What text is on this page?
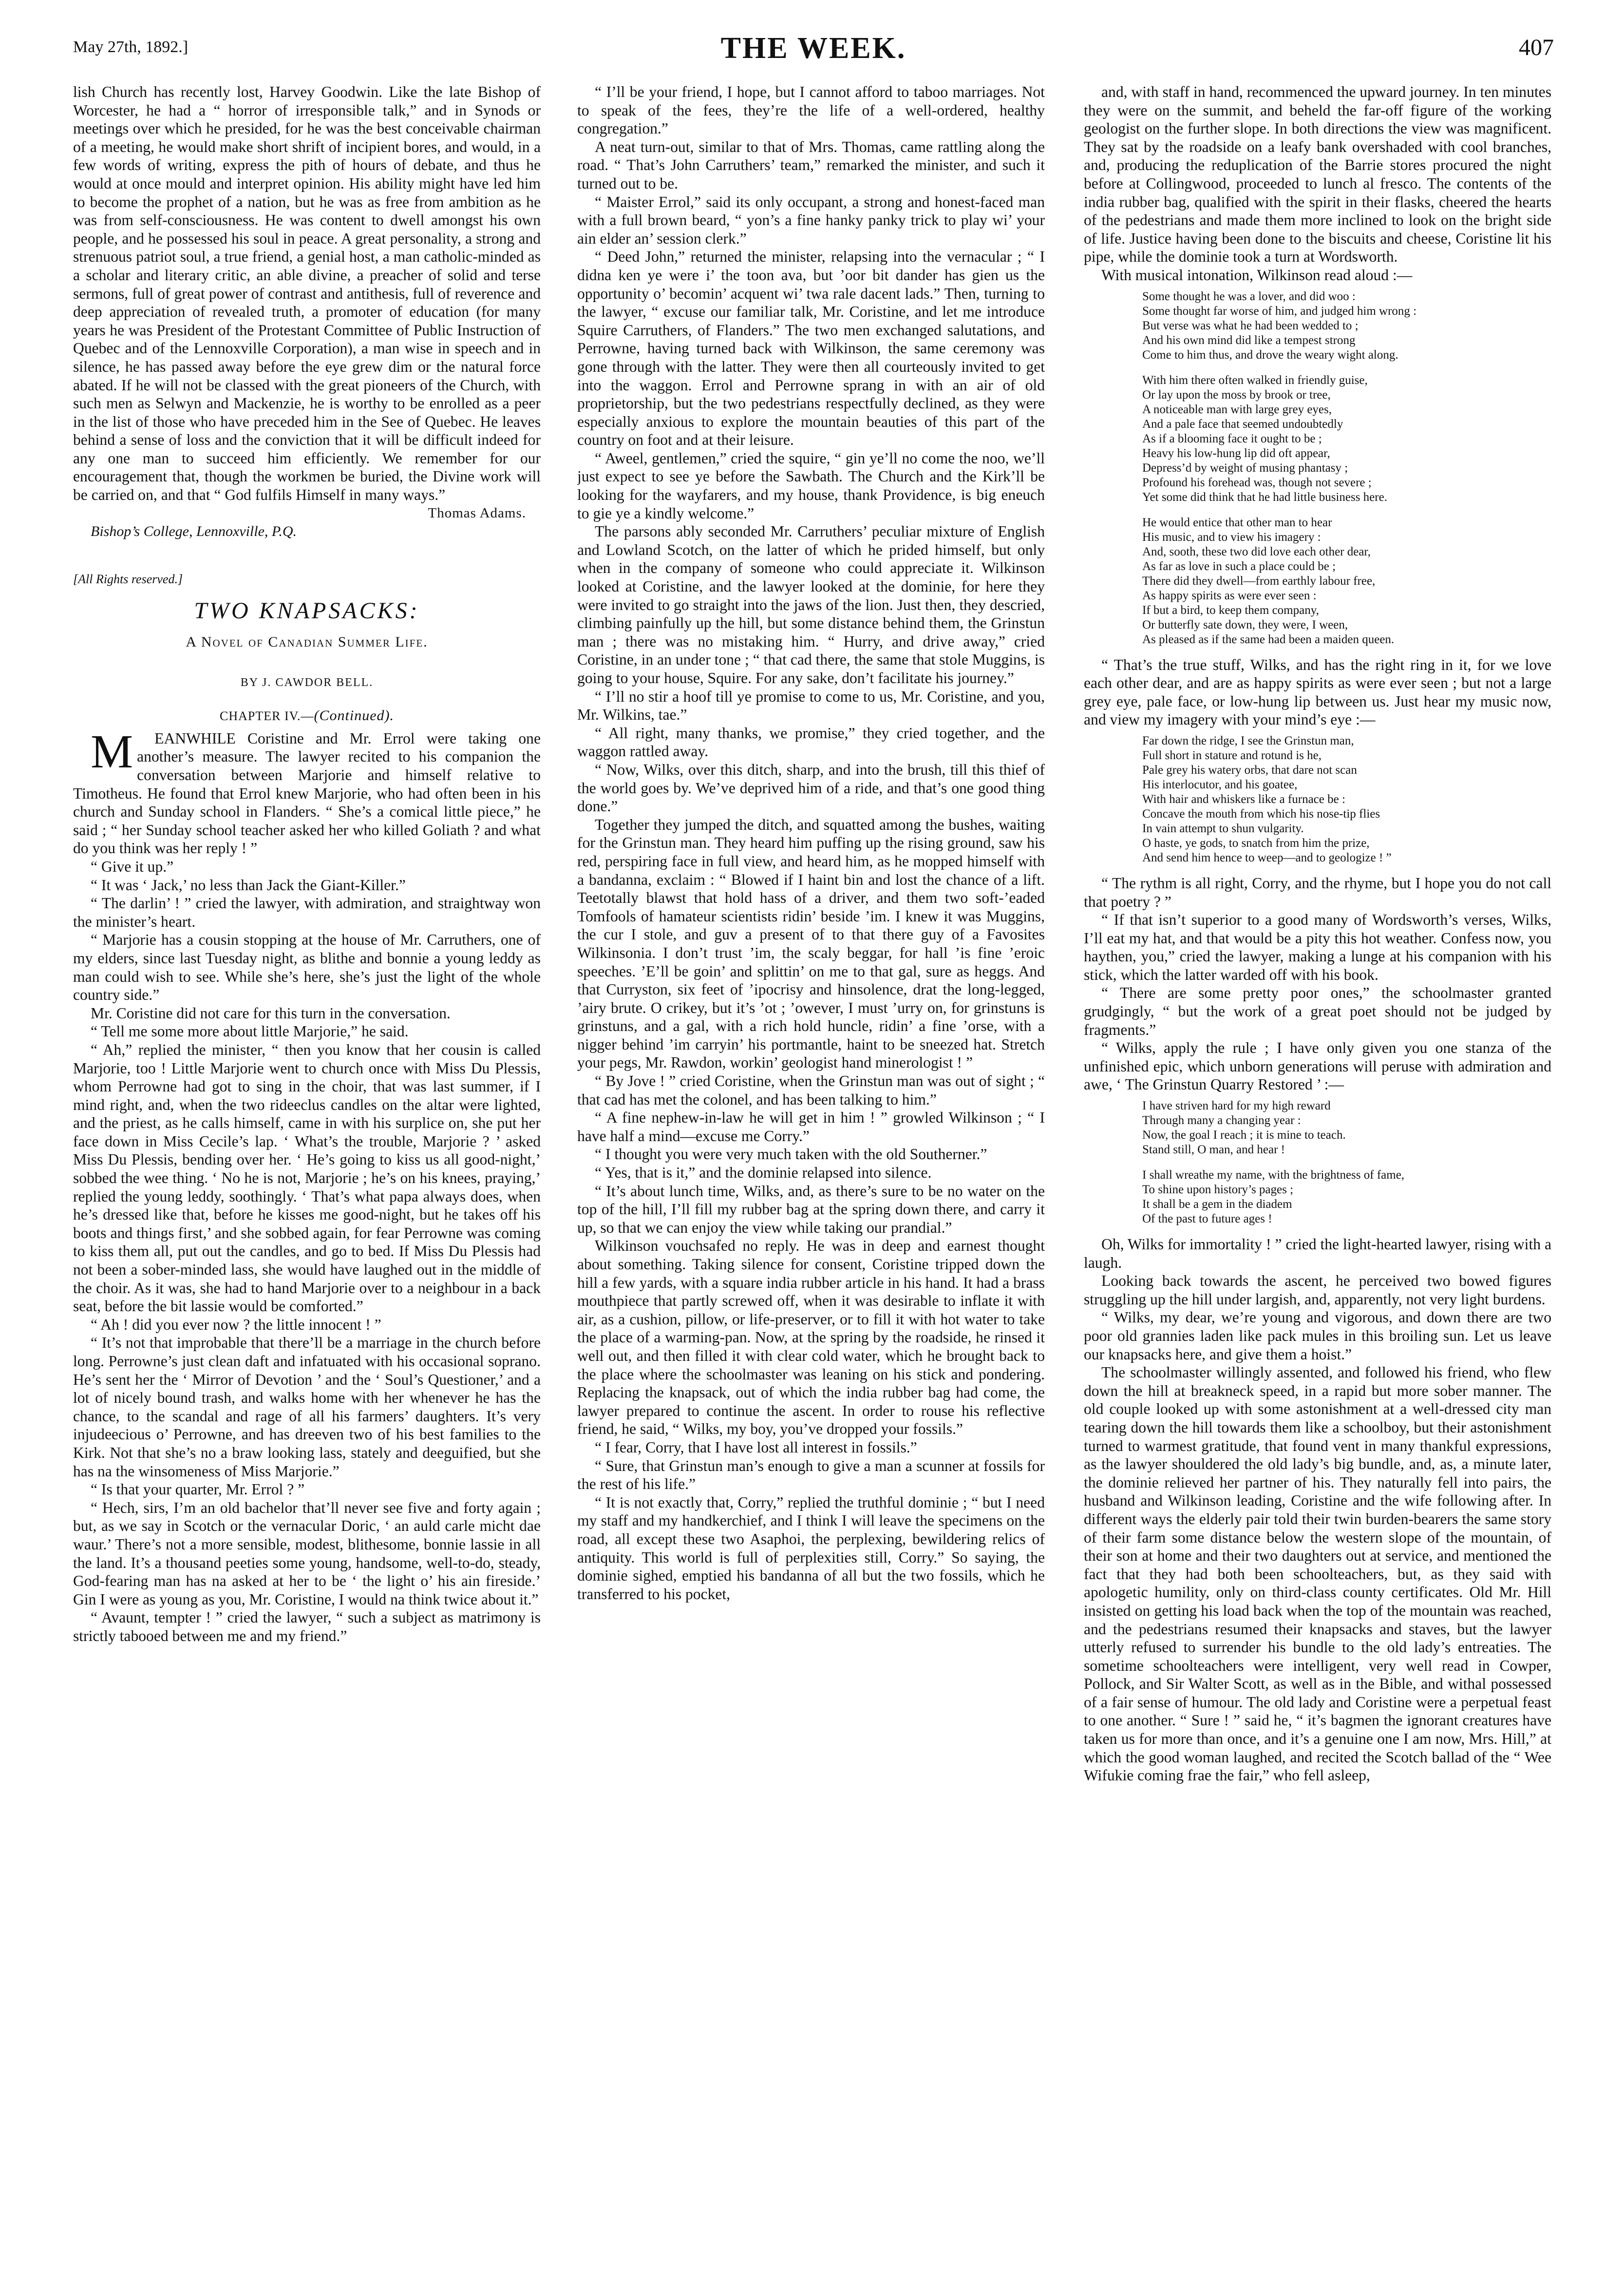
May 27th, 1892.]	THE WEEK.	407

lish Church has recently lost, Harvey Goodwin. Like the late Bishop of Worcester, he had a “ horror of irresponsible talk,” and in Synods or meetings over which he presided, for he was the best conceivable chairman of a meeting, he would make short shrift of incipient bores, and would, in a few words of writing, express the pith of hours of debate, and thus he would at once mould and interpret opinion. His ability might have led him to become the prophet of a nation, but he was as free from ambition as he was from self-consciousness. He was content to dwell amongst his own people, and he possessed his soul in peace. A great personality, a strong and strenuous patriot soul, a true friend, a genial host, a man catholic-minded as a scholar and literary critic, an able divine, a preacher of solid and terse sermons, full of great power of contrast and antithesis, full of reverence and deep appreciation of revealed truth, a promoter of education (for many years he was President of the Protestant Committee of Public Instruction of Quebec and of the Lennoxville Corporation), a man wise in speech and in silence, he has passed away before the eye grew dim or the natural force abated. If he will not be classed with the great pioneers of the Church, with such men as Selwyn and Mackenzie, he is worthy to be enrolled as a peer in the list of those who have preceded him in the See of Quebec. He leaves behind a sense of loss and the conviction that it will be difficult indeed for any one man to succeed him efficiently. We remember for our encouragement that, though the workmen be buried, the Divine work will be carried on, and that “ God fulfils Himself in many ways.”

Thomas Adams.

Bishop’s College, Lennoxville, P.Q.

[All Rights reserved.]
TWO KNAPSACKS:
A Novel of Canadian Summer Life.
BY J. CAWDOR BELL.
CHAPTER IV.—(Continued).

M EANWHILE Coristine and Mr. Errol were taking one another’s measure. The lawyer recited to his companion the conversation between Marjorie and himself relative to Timotheus. He found that Errol knew Marjorie, who had often been in his church and Sunday school in Flanders. “ She’s a comical little piece,” he said ; “ her Sunday school teacher asked her who killed Goliath ? and what do you think was her reply ! ”

“ Give it up.”

“ It was ‘ Jack,’ no less than Jack the Giant-Killer.”

“ The darlin’ ! ” cried the lawyer, with admiration, and straightway won the minister’s heart.

“ Marjorie has a cousin stopping at the house of Mr. Carruthers, one of my elders, since last Tuesday night, as blithe and bonnie a young leddy as man could wish to see. While she’s here, she’s just the light of the whole country side.”

Mr. Coristine did not care for this turn in the conversation.

“ Tell me some more about little Marjorie,” he said.

“ Ah,” replied the minister, “ then you know that her cousin is called Marjorie, too ! Little Marjorie went to church once with Miss Du Plessis, whom Perrowne had got to sing in the choir, that was last summer, if I mind right, and, when the two rideeclus candles on the altar were lighted, and the priest, as he calls himself, came in with his surplice on, she put her face down in Miss Cecile’s lap. ‘ What’s the trouble, Marjorie ? ’ asked Miss Du Plessis, bending over her. ‘ He’s going to kiss us all good-night,’ sobbed the wee thing. ‘ No he is not, Marjorie ; he’s on his knees, praying,’ replied the young leddy, soothingly. ‘ That’s what papa always does, when he’s dressed like that, before he kisses me good-night, but he takes off his boots and things first,’ and she sobbed again, for fear Perrowne was coming to kiss them all, put out the candles, and go to bed. If Miss Du Plessis had not been a sober-minded lass, she would have laughed out in the middle of the choir. As it was, she had to hand Marjorie over to a neighbour in a back seat, before the bit lassie would be comforted.”

“ Ah ! did you ever now ? the little innocent ! ”

“ It’s not that improbable that there’ll be a marriage in the church before long. Perrowne’s just clean daft and infatuated with his occasional soprano. He’s sent her the ‘ Mirror of Devotion ’ and the ‘ Soul’s Questioner,’ and a lot of nicely bound trash, and walks home with her whenever he has the chance, to the scandal and rage of all his farmers’ daughters. It’s very injudeecious o’ Perrowne, and has dreeven two of his best families to the Kirk. Not that she’s no a braw looking lass, stately and deeguified, but she has na the winsomeness of Miss Marjorie.”

“ Is that your quarter, Mr. Errol ? ”

“ Hech, sirs, I’m an old bachelor that’ll never see five and forty again ; but, as we say in Scotch or the vernacular Doric, ‘ an auld carle micht dae waur.’ There’s not a more sensible, modest, blithesome, bonnie lassie in all the land. It’s a thousand peeties some young, handsome, well-to-do, steady, God-fearing man has na asked at her to be ‘ the light o’ his ain fireside.’ Gin I were as young as you, Mr. Coristine, I would na think twice about it.”

“ Avaunt, tempter ! ” cried the lawyer, “ such a subject as matrimony is strictly tabooed between me and my friend.”

“ I’ll be your friend, I hope, but I cannot afford to taboo marriages. Not to speak of the fees, they’re the life of a well-ordered, healthy congregation.”

A neat turn-out, similar to that of Mrs. Thomas, came rattling along the road. “ That’s John Carruthers’ team,” remarked the minister, and such it turned out to be.

“ Maister Errol,” said its only occupant, a strong and honest-faced man with a full brown beard, “ yon’s a fine hanky panky trick to play wi’ your ain elder an’ session clerk.”

“ Deed John,” returned the minister, relapsing into the vernacular ; “ I didna ken ye were i’ the toon ava, but ’oor bit dander has gien us the opportunity o’ becomin’ acquent wi’ twa rale dacent lads.” Then, turning to the lawyer, “ excuse our familiar talk, Mr. Coristine, and let me introduce Squire Carruthers, of Flanders.” The two men exchanged salutations, and Perrowne, having turned back with Wilkinson, the same ceremony was gone through with the latter. They were then all courteously invited to get into the waggon. Errol and Perrowne sprang in with an air of old proprietorship, but the two pedestrians respectfully declined, as they were especially anxious to explore the mountain beauties of this part of the country on foot and at their leisure.

“ Aweel, gentlemen,” cried the squire, “ gin ye’ll no come the noo, we’ll just expect to see ye before the Sawbath. The Church and the Kirk’ll be looking for the wayfarers, and my house, thank Providence, is big eneuch to gie ye a kindly welcome.”

The parsons ably seconded Mr. Carruthers’ peculiar mixture of English and Lowland Scotch, on the latter of which he prided himself, but only when in the company of someone who could appreciate it. Wilkinson looked at Coristine, and the lawyer looked at the dominie, for here they were invited to go straight into the jaws of the lion. Just then, they descried, climbing painfully up the hill, but some distance behind them, the Grinstun man ; there was no mistaking him. “ Hurry, and drive away,” cried Coristine, in an under tone ; “ that cad there, the same that stole Muggins, is going to your house, Squire. For any sake, don’t facilitate his journey.”

“ I’ll no stir a hoof till ye promise to come to us, Mr. Coristine, and you, Mr. Wilkins, tae.”

“ All right, many thanks, we promise,” they cried together, and the waggon rattled away.

“ Now, Wilks, over this ditch, sharp, and into the brush, till this thief of the world goes by. We’ve deprived him of a ride, and that’s one good thing done.”

Together they jumped the ditch, and squatted among the bushes, waiting for the Grinstun man. They heard him puffing up the rising ground, saw his red, perspiring face in full view, and heard him, as he mopped himself with a bandanna, exclaim : “ Blowed if I haint bin and lost the chance of a lift. Teetotally blawst that hold hass of a driver, and them two soft-’eaded Tomfools of hamateur scientists ridin’ beside ’im. I knew it was Muggins, the cur I stole, and guv a present of to that there guy of a Favosites Wilkinsonia. I don’t trust ’im, the scaly beggar, for hall ’is fine ’eroic speeches. ’E’ll be goin’ and splittin’ on me to that gal, sure as heggs. And that Curryston, six feet of ’ipocrisy and hinsolence, drat the long-legged, ’airy brute. O crikey, but it’s ’ot ; ’owever, I must ’urry on, for grinstuns is grinstuns, and a gal, with a rich hold huncle, ridin’ a fine ’orse, with a nigger behind ’im carryin’ his portmantle, haint to be sneezed hat. Stretch your pegs, Mr. Rawdon, workin’ geologist hand minerologist ! ”

“ By Jove ! ” cried Coristine, when the Grinstun man was out of sight ; “ that cad has met the colonel, and has been talking to him.”

“ A fine nephew-in-law he will get in him ! ” growled Wilkinson ; “ I have half a mind—excuse me Corry.”

“ I thought you were very much taken with the old Southerner.”

“ Yes, that is it,” and the dominie relapsed into silence.

“ It’s about lunch time, Wilks, and, as there’s sure to be no water on the top of the hill, I’ll fill my rubber bag at the spring down there, and carry it up, so that we can enjoy the view while taking our prandial.”

Wilkinson vouchsafed no reply. He was in deep and earnest thought about something. Taking silence for consent, Coristine tripped down the hill a few yards, with a square india rubber article in his hand. It had a brass mouthpiece that partly screwed off, when it was desirable to inflate it with air, as a cushion, pillow, or life-preserver, or to fill it with hot water to take the place of a warming-pan. Now, at the spring by the roadside, he rinsed it well out, and then filled it with clear cold water, which he brought back to the place where the schoolmaster was leaning on his stick and pondering. Replacing the knapsack, out of which the india rubber bag had come, the lawyer prepared to continue the ascent. In order to rouse his reflective friend, he said, “ Wilks, my boy, you’ve dropped your fossils.”

“ I fear, Corry, that I have lost all interest in fossils.”

“ Sure, that Grinstun man’s enough to give a man a scunner at fossils for the rest of his life.”

“ It is not exactly that, Corry,” replied the truthful dominie ; “ but I need my staff and my handkerchief, and I think I will leave the specimens on the road, all except these two Asaphoi, the perplexing, bewildering relics of antiquity. This world is full of perplexities still, Corry.” So saying, the dominie sighed, emptied his bandanna of all but the two fossils, which he transferred to his pocket,

and, with staff in hand, recommenced the upward journey. In ten minutes they were on the summit, and beheld the far-off figure of the working geologist on the further slope. In both directions the view was magnificent. They sat by the roadside on a leafy bank overshaded with cool branches, and, producing the reduplication of the Barrie stores procured the night before at Collingwood, proceeded to lunch al fresco. The contents of the india rubber bag, qualified with the spirit in their flasks, cheered the hearts of the pedestrians and made them more inclined to look on the bright side of life. Justice having been done to the biscuits and cheese, Coristine lit his pipe, while the dominie took a turn at Wordsworth.

With musical intonation, Wilkinson read aloud :—

Some thought he was a lover, and did woo :
Some thought far worse of him, and judged him wrong :
But verse was what he had been wedded to ;
And his own mind did like a tempest strong
Come to him thus, and drove the weary wight along.
With him there often walked in friendly guise,
Or lay upon the moss by brook or tree,
A noticeable man with large grey eyes,
And a pale face that seemed undoubtedly
As if a blooming face it ought to be ;
Heavy his low-hung lip did oft appear,
Depress’d by weight of musing phantasy ;
Profound his forehead was, though not severe ;
Yet some did think that he had little business here.
He would entice that other man to hear
His music, and to view his imagery :
And, sooth, these two did love each other dear,
As far as love in such a place could be ;
There did they dwell—from earthly labour free,
As happy spirits as were ever seen :
If but a bird, to keep them company,
Or butterfly sate down, they were, I ween,
As pleased as if the same had been a maiden queen.

“ That’s the true stuff, Wilks, and has the right ring in it, for we love each other dear, and are as happy spirits as were ever seen ; but not a large grey eye, pale face, or low-hung lip between us. Just hear my music now, and view my imagery with your mind’s eye :—

Far down the ridge, I see the Grinstun man,
Full short in stature and rotund is he,
Pale grey his watery orbs, that dare not scan
His interlocutor, and his goatee,
With hair and whiskers like a furnace be :
Concave the mouth from which his nose-tip flies
In vain attempt to shun vulgarity.
O haste, ye gods, to snatch from him the prize,
And send him hence to weep—and to geologize ! ”

“ The rythm is all right, Corry, and the rhyme, but I hope you do not call that poetry ? ”

“ If that isn’t superior to a good many of Wordsworth’s verses, Wilks, I’ll eat my hat, and that would be a pity this hot weather. Confess now, you haythen, you,” cried the lawyer, making a lunge at his companion with his stick, which the latter warded off with his book.

“ There are some pretty poor ones,” the schoolmaster granted grudgingly, “ but the work of a great poet should not be judged by fragments.”

“ Wilks, apply the rule ; I have only given you one stanza of the unfinished epic, which unborn generations will peruse with admiration and awe, ‘ The Grinstun Quarry Restored ’ :—

I have striven hard for my high reward
Through many a changing year :
Now, the goal I reach ; it is mine to teach.
Stand still, O man, and hear !
I shall wreathe my name, with the brightness of fame,
To shine upon history’s pages ;
It shall be a gem in the diadem
Of the past to future ages !

Oh, Wilks for immortality ! ” cried the light-hearted lawyer, rising with a laugh.

Looking back towards the ascent, he perceived two bowed figures struggling up the hill under largish, and, apparently, not very light burdens.

“ Wilks, my dear, we’re young and vigorous, and down there are two poor old grannies laden like pack mules in this broiling sun. Let us leave our knapsacks here, and give them a hoist.”

The schoolmaster willingly assented, and followed his friend, who flew down the hill at breakneck speed, in a rapid but more sober manner. The old couple looked up with some astonishment at a well-dressed city man tearing down the hill towards them like a schoolboy, but their astonishment turned to warmest gratitude, that found vent in many thankful expressions, as the lawyer shouldered the old lady’s big bundle, and, as, a minute later, the dominie relieved her partner of his. They naturally fell into pairs, the husband and Wilkinson leading, Coristine and the wife following after. In different ways the elderly pair told their twin burden-bearers the same story of their farm some distance below the western slope of the mountain, of their son at home and their two daughters out at service, and mentioned the fact that they had both been schoolteachers, but, as they said with apologetic humility, only on third-class county certificates. Old Mr. Hill insisted on getting his load back when the top of the mountain was reached, and the pedestrians resumed their knapsacks and staves, but the lawyer utterly refused to surrender his bundle to the old lady’s entreaties. The sometime schoolteachers were intelligent, very well read in Cowper, Pollock, and Sir Walter Scott, as well as in the Bible, and withal possessed of a fair sense of humour. The old lady and Coristine were a perpetual feast to one another. “ Sure ! ” said he, “ it’s bagmen the ignorant creatures have taken us for more than once, and it’s a genuine one I am now, Mrs. Hill,” at which the good woman laughed, and recited the Scotch ballad of the “ Wee Wifukie coming frae the fair,” who fell asleep,
